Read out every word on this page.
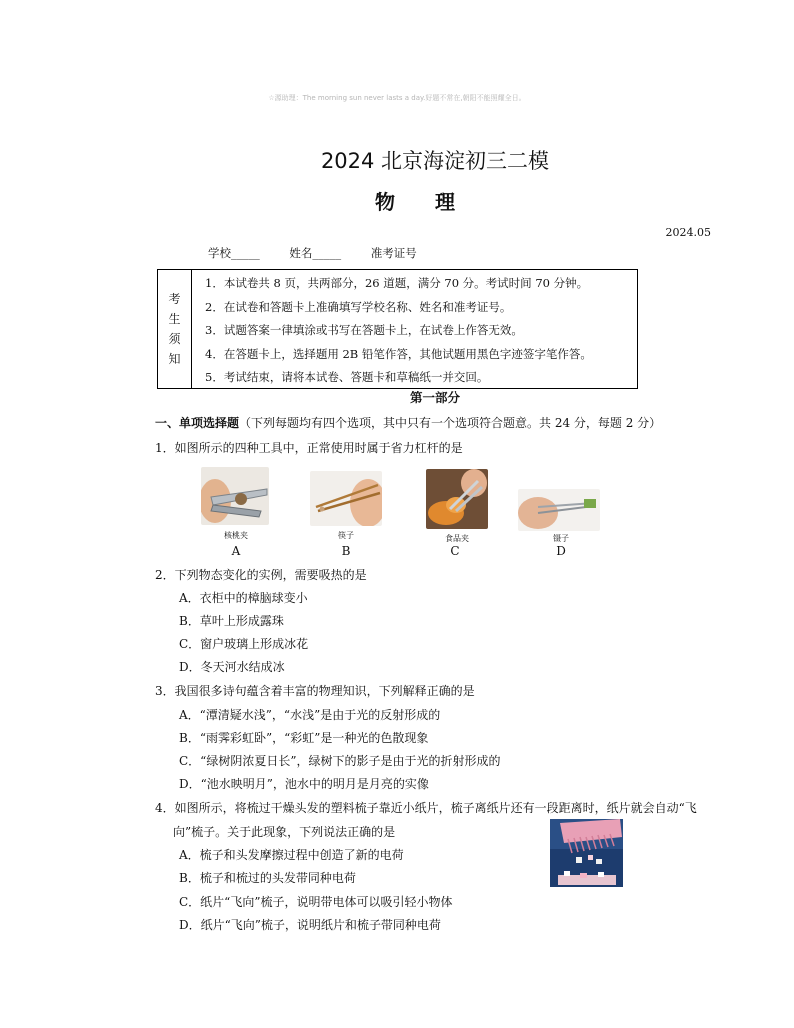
☆源助理：The morning sun never lasts a day.好题不常在,朝阳不能照耀全日。
2024 北京海淀初三二模
物理
2024.05
学校_____	姓名_____	准考证号
考
生
须
知
1．本试卷共 8 页，共两部分，26 道题，满分 70 分。考试时间 70 分钟。
2．在试卷和答题卡上准确填写学校名称、姓名和准考证号。
3．试题答案一律填涂或书写在答题卡上，在试卷上作答无效。
4．在答题卡上，选择题用 2B 铅笔作答，其他试题用黑色字迹签字笔作答。
5．考试结束，请将本试卷、答题卡和草稿纸一并交回。
第一部分
一、单项选择题（下列每题均有四个选项，其中只有一个选项符合题意。共 24 分，每题 2 分）
1．如图所示的四种工具中，正常使用时属于省力杠杆的是
核桃夹
A
筷子
B
食品夹
C
镊子
D
2．下列物态变化的实例，需要吸热的是
A．衣柜中的樟脑球变小
B．草叶上形成露珠
C．窗户玻璃上形成冰花
D．冬天河水结成冰
3．我国很多诗句蕴含着丰富的物理知识，下列解释正确的是
A．“潭清疑水浅”，“水浅”是由于光的反射形成的
B．“雨霁彩虹卧”，“彩虹”是一种光的色散现象
C．“绿树阴浓夏日长”，绿树下的影子是由于光的折射形成的
D．“池水映明月”，池水中的明月是月亮的实像
4．如图所示，将梳过干燥头发的塑料梳子靠近小纸片，梳子离纸片还有一段距离时，纸片就会自动“飞
向”梳子。关于此现象，下列说法正确的是
A．梳子和头发摩擦过程中创造了新的电荷
B．梳子和梳过的头发带同种电荷
C．纸片“飞向”梳子，说明带电体可以吸引轻小物体
D．纸片“飞向”梳子，说明纸片和梳子带同种电荷
